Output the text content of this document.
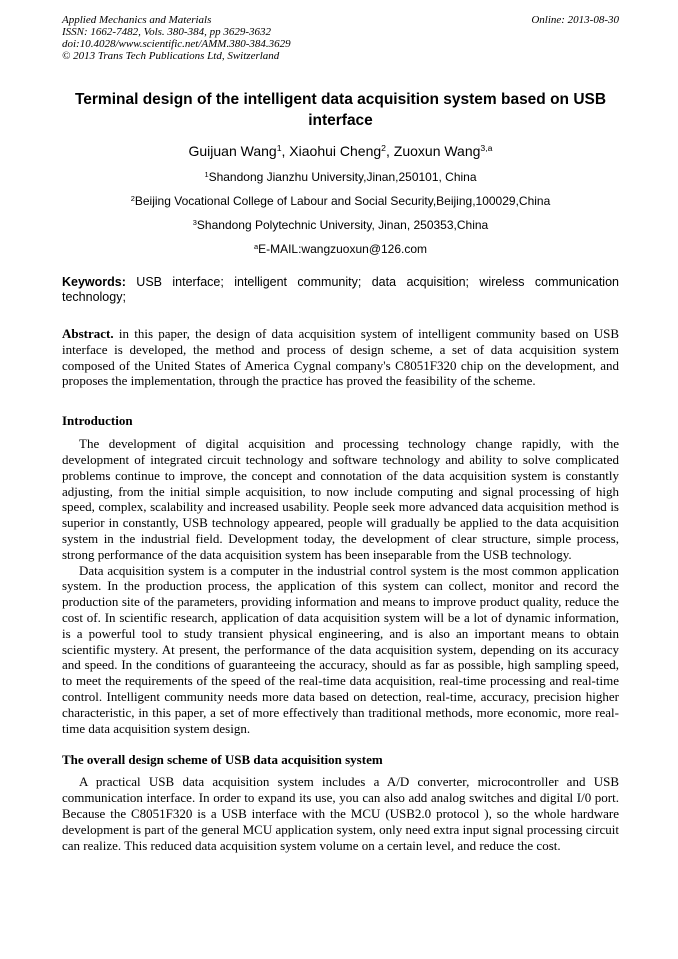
Applied Mechanics and Materials
ISSN: 1662-7482, Vols. 380-384, pp 3629-3632
doi:10.4028/www.scientific.net/AMM.380-384.3629
© 2013 Trans Tech Publications Ltd, Switzerland
Online: 2013-08-30
Terminal design of the intelligent data acquisition system based on USB interface
Guijuan Wang$^1$, Xiaohui Cheng$^2$, Zuoxun Wang$^{3,a}$
$^1$Shandong Jianzhu University,Jinan,250101, China
$^2$Beijing Vocational College of Labour and Social Security,Beijing,100029,China
$^3$Shandong Polytechnic University, Jinan, 250353,China
$^a$E-MAIL:wangzuoxun@126.com
Keywords: USB interface; intelligent community; data acquisition; wireless communication technology;
Abstract. in this paper, the design of data acquisition system of intelligent community based on USB interface is developed, the method and process of design scheme, a set of data acquisition system composed of the United States of America Cygnal company's C8051F320 chip on the development, and proposes the implementation, through the practice has proved the feasibility of the scheme.
Introduction

The development of digital acquisition and processing technology change rapidly, with the development of integrated circuit technology and software technology and ability to solve complicated problems continue to improve, the concept and connotation of the data acquisition system is constantly adjusting, from the initial simple acquisition, to now include computing and signal processing of high speed, complex, scalability and increased usability. People seek more advanced data acquisition method is superior in constantly, USB technology appeared, people will gradually be applied to the data acquisition system in the industrial field. Development today, the development of clear structure, simple process, strong performance of the data acquisition system has been inseparable from the USB technology.

Data acquisition system is a computer in the industrial control system is the most common application system. In the production process, the application of this system can collect, monitor and record the production site of the parameters, providing information and means to improve product quality, reduce the cost of. In scientific research, application of data acquisition system will be a lot of dynamic information, is a powerful tool to study transient physical engineering, and is also an important means to obtain scientific mystery. At present, the performance of the data acquisition system, depending on its accuracy and speed. In the conditions of guaranteeing the accuracy, should as far as possible, high sampling speed, to meet the requirements of the speed of the real-time data acquisition, real-time processing and real-time control. Intelligent community needs more data based on detection, real-time, accuracy, precision higher characteristic, in this paper, a set of more effectively than traditional methods, more economic, more real-time data acquisition system design.

The overall design scheme of USB data acquisition system

A practical USB data acquisition system includes a A/D converter, microcontroller and USB communication interface. In order to expand its use, you can also add analog switches and digital I/0 port. Because the C8051F320 is a USB interface with the MCU (USB2.0 protocol ), so the whole hardware development is part of the general MCU application system, only need extra input signal processing circuit can realize. This reduced data acquisition system volume on a certain level, and reduce the cost.
